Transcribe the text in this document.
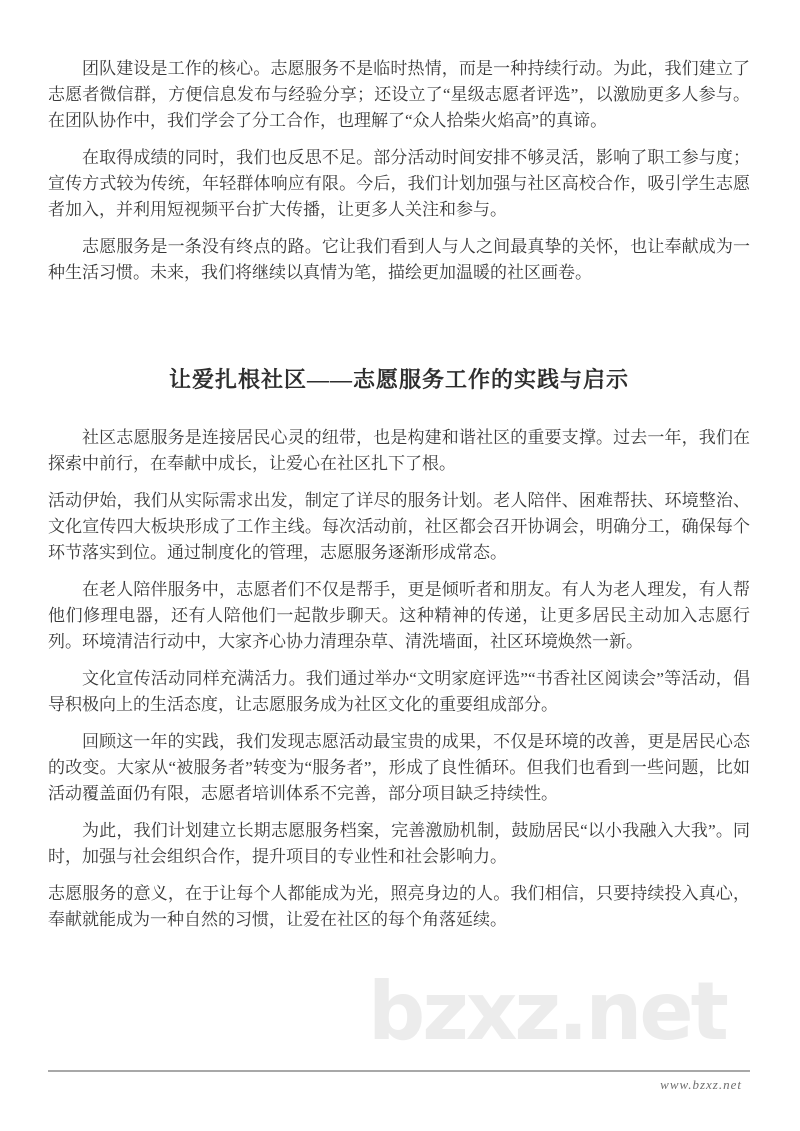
团队建设是工作的核心。志愿服务不是临时热情，而是一种持续行动。为此，我们建立了志愿者微信群，方便信息发布与经验分享；还设立了“星级志愿者评选”，以激励更多人参与。在团队协作中，我们学会了分工合作，也理解了“众人拾柴火焰高”的真谛。

在取得成绩的同时，我们也反思不足。部分活动时间安排不够灵活，影响了职工参与度；宣传方式较为传统，年轻群体响应有限。今后，我们计划加强与社区高校合作，吸引学生志愿者加入，并利用短视频平台扩大传播，让更多人关注和参与。

志愿服务是一条没有终点的路。它让我们看到人与人之间最真挚的关怀，也让奉献成为一种生活习惯。未来，我们将继续以真情为笔，描绘更加温暖的社区画卷。

让爱扎根社区——志愿服务工作的实践与启示

社区志愿服务是连接居民心灵的纽带，也是构建和谐社区的重要支撑。过去一年，我们在探索中前行，在奉献中成长，让爱心在社区扎下了根。

活动伊始，我们从实际需求出发，制定了详尽的服务计划。老人陪伴、困难帮扶、环境整治、文化宣传四大板块形成了工作主线。每次活动前，社区都会召开协调会，明确分工，确保每个环节落实到位。通过制度化的管理，志愿服务逐渐形成常态。

在老人陪伴服务中，志愿者们不仅是帮手，更是倾听者和朋友。有人为老人理发，有人帮他们修理电器，还有人陪他们一起散步聊天。这种精神的传递，让更多居民主动加入志愿行列。环境清洁行动中，大家齐心协力清理杂草、清洗墙面，社区环境焕然一新。

文化宣传活动同样充满活力。我们通过举办“文明家庭评选”“书香社区阅读会”等活动，倡导积极向上的生活态度，让志愿服务成为社区文化的重要组成部分。

回顾这一年的实践，我们发现志愿活动最宝贵的成果，不仅是环境的改善，更是居民心态的改变。大家从“被服务者”转变为“服务者”，形成了良性循环。但我们也看到一些问题，比如活动覆盖面仍有限，志愿者培训体系不完善，部分项目缺乏持续性。

为此，我们计划建立长期志愿服务档案，完善激励机制，鼓励居民“以小我融入大我”。同时，加强与社会组织合作，提升项目的专业性和社会影响力。

志愿服务的意义，在于让每个人都能成为光，照亮身边的人。我们相信，只要持续投入真心，奉献就能成为一种自然的习惯，让爱在社区的每个角落延续。

bzxz.net
www.bzxz.net
